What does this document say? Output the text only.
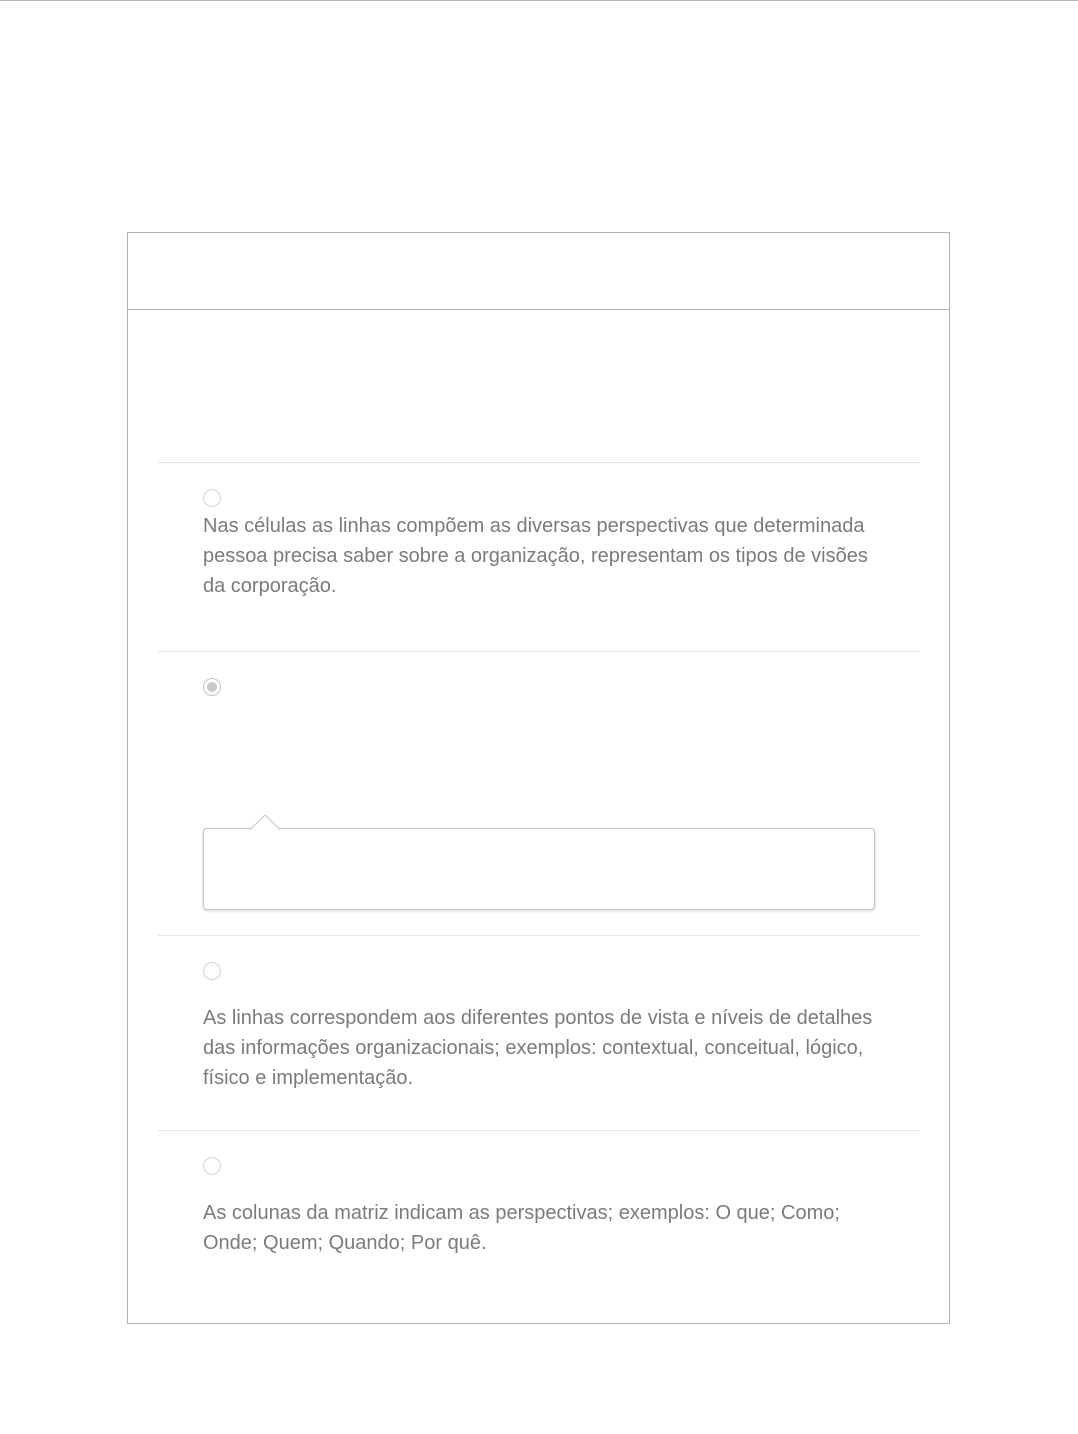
Nas células as linhas compõem as diversas perspectivas que determinada pessoa precisa saber sobre a organização, representam os tipos de visões da corporação.

As linhas correspondem aos diferentes pontos de vista e níveis de detalhes das informações organizacionais; exemplos: contextual, conceitual, lógico, físico e implementação.

As colunas da matriz indicam as perspectivas; exemplos: O que; Como; Onde; Quem; Quando; Por quê.
